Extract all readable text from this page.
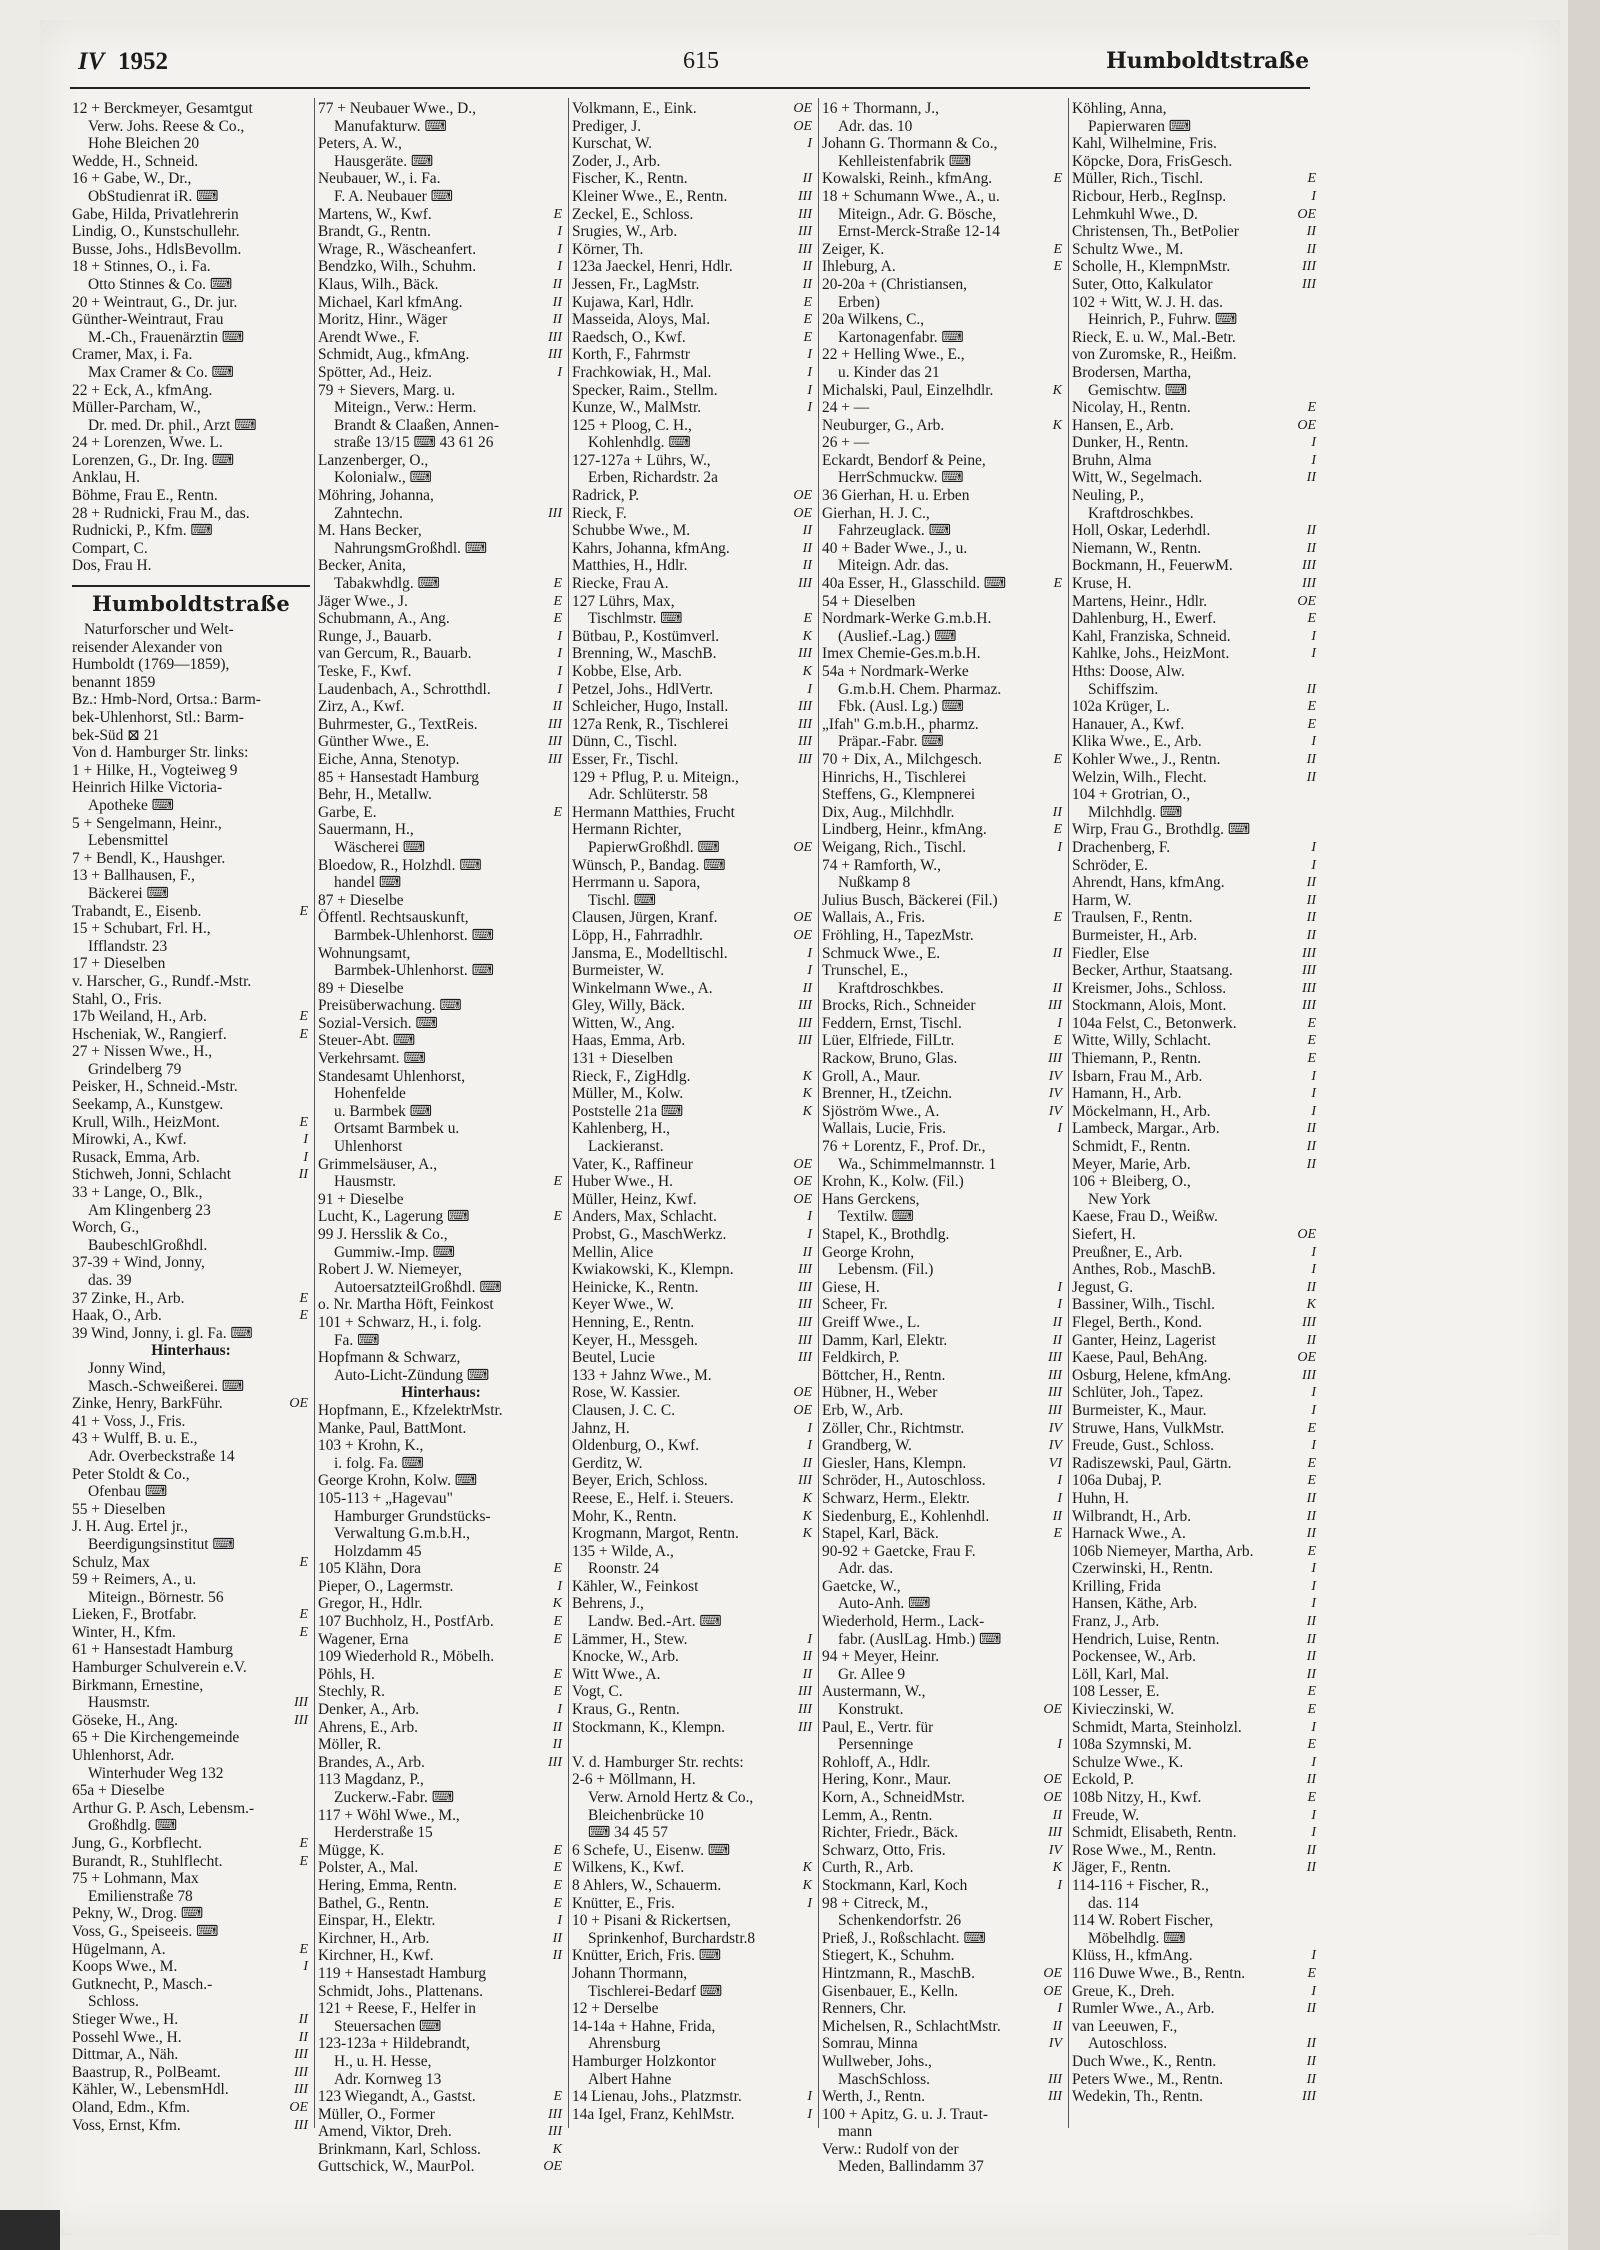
IV 1952	615	Humboldtstraße
12 + Berckmeyer, Gesamtgut
Verw. Johs. Reese & Co.,
Hohe Bleichen 20
Wedde, H., Schneid.
16 + Gabe, W., Dr.,
ObStudienrat iR. ⌨
Gabe, Hilda, Privatlehrerin
Lindig, O., Kunstschullehr.
Busse, Johs., HdlsBevollm.
18 + Stinnes, O., i. Fa.
Otto Stinnes & Co. ⌨
20 + Weintraut, G., Dr. jur.
Günther-Weintraut, Frau
M.-Ch., Frauenärztin ⌨
Cramer, Max, i. Fa.
Max Cramer & Co. ⌨
22 + Eck, A., kfmAng.
Müller-Parcham, W.,
Dr. med. Dr. phil., Arzt ⌨
24 + Lorenzen, Wwe. L.
Lorenzen, G., Dr. Ing. ⌨
Anklau, H.
Böhme, Frau E., Rentn.
28 + Rudnicki, Frau M., das.
Rudnicki, P., Kfm. ⌨
Compart, C.
Dos, Frau H.
Humboldtstraße
Naturforscher und Welt-
reisender Alexander von
Humboldt (1769—1859),
benannt 1859
Bz.: Hmb-Nord, Ortsa.: Barm-
bek-Uhlenhorst, Stl.: Barm-
bek-Süd ⊠ 21
Von d. Hamburger Str. links:
1 + Hilke, H., Vogteiweg 9
Heinrich Hilke Victoria-
Apotheke ⌨
5 + Sengelmann, Heinr.,
Lebensmittel
7 + Bendl, K., Haushger.
13 + Ballhausen, F.,
Bäckerei ⌨
Trabandt, E., Eisenb.	E
15 + Schubart, Frl. H.,
Ifflandstr. 23
17 + Dieselben
v. Harscher, G., Rundf.-Mstr.
Stahl, O., Fris.
17b Weiland, H., Arb.	E
Hscheniak, W., Rangierf.	E
27 + Nissen Wwe., H.,
Grindelberg 79
Peisker, H., Schneid.-Mstr.
Seekamp, A., Kunstgew.
Krull, Wilh., HeizMont.	E
Mirowki, A., Kwf.	I
Rusack, Emma, Arb.	I
Stichweh, Jonni, Schlacht	II
33 + Lange, O., Blk.,
Am Klingenberg 23
Worch, G.,
BaubeschlGroßhdl.
37-39 + Wind, Jonny,
das. 39
37 Zinke, H., Arb.	E
Haak, O., Arb.	E
39 Wind, Jonny, i. gl. Fa. ⌨
Hinterhaus:
Jonny Wind,
Masch.-Schweißerei. ⌨
Zinke, Henry, BarkFühr.	OE
41 + Voss, J., Fris.
43 + Wulff, B. u. E.,
Adr. Overbeckstraße 14
Peter Stoldt & Co.,
Ofenbau ⌨
55 + Dieselben
J. H. Aug. Ertel jr.,
Beerdigungsinstitut ⌨
Schulz, Max	E
59 + Reimers, A., u.
Miteign., Börnestr. 56
Lieken, F., Brotfabr.	E
Winter, H., Kfm.	E
61 + Hansestadt Hamburg
Hamburger Schulverein e.V.
Birkmann, Ernestine,
Hausmstr.	III
Göseke, H., Ang.	III
65 + Die Kirchengemeinde
Uhlenhorst, Adr.
Winterhuder Weg 132
65a + Dieselbe
Arthur G. P. Asch, Lebensm.-
Großhdlg. ⌨
Jung, G., Korbflecht.	E
Burandt, R., Stuhlflecht.	E
75 + Lohmann, Max
Emilienstraße 78
Pekny, W., Drog. ⌨
Voss, G., Speiseeis. ⌨
Hügelmann, A.	E
Koops Wwe., M.	I
Gutknecht, P., Masch.-
Schloss.
Stieger Wwe., H.	II
Possehl Wwe., H.	II
Dittmar, A., Näh.	III
Baastrup, R., PolBeamt.	III
Kähler, W., LebensmHdl.	III
Oland, Edm., Kfm.	OE
Voss, Ernst, Kfm.	III
77 + Neubauer Wwe., D.,
Manufakturw. ⌨
Peters, A. W.,
Hausgeräte. ⌨
Neubauer, W., i. Fa.
F. A. Neubauer ⌨
Martens, W., Kwf.	E
Brandt, G., Rentn.	I
Wrage, R., Wäscheanfert.	I
Bendzko, Wilh., Schuhm.	I
Klaus, Wilh., Bäck.	II
Michael, Karl kfmAng.	II
Moritz, Hinr., Wäger	II
Arendt Wwe., F.	III
Schmidt, Aug., kfmAng.	III
Spötter, Ad., Heiz.	I
79 + Sievers, Marg. u.
Miteign., Verw.: Herm.
Brandt & Claaßen, Annen-
straße 13/15 ⌨ 43 61 26
Lanzenberger, O.,
Kolonialw., ⌨
Möhring, Johanna,
Zahntechn.	III
M. Hans Becker,
NahrungsmGroßhdl. ⌨
Becker, Anita,
Tabakwhdlg. ⌨	E
Jäger Wwe., J.	E
Schubmann, A., Ang.	E
Runge, J., Bauarb.	I
van Gercum, R., Bauarb.	I
Teske, F., Kwf.	I
Laudenbach, A., Schrotthdl.	I
Zirz, A., Kwf.	II
Buhrmester, G., TextReis.	III
Günther Wwe., E.	III
Eiche, Anna, Stenotyp.	III
85 + Hansestadt Hamburg
Behr, H., Metallw.
Garbe, E.	E
Sauermann, H.,
Wäscherei ⌨
Bloedow, R., Holzhdl. ⌨
handel ⌨
87 + Dieselbe
Öffentl. Rechtsauskunft,
Barmbek-Uhlenhorst. ⌨
Wohnungsamt,
Barmbek-Uhlenhorst. ⌨
89 + Dieselbe
Preisüberwachung. ⌨
Sozial-Versich. ⌨
Steuer-Abt. ⌨
Verkehrsamt. ⌨
Standesamt Uhlenhorst,
Hohenfelde
u. Barmbek ⌨
Ortsamt Barmbek u.
Uhlenhorst
Grimmelsäuser, A.,
Hausmstr.	E
91 + Dieselbe
Lucht, K., Lagerung ⌨	E
99 J. Hersslik & Co.,
Gummiw.-Imp. ⌨
Robert J. W. Niemeyer,
AutoersatzteilGroßhdl. ⌨
o. Nr. Martha Höft, Feinkost
101 + Schwarz, H., i. folg.
Fa. ⌨
Hopfmann & Schwarz,
Auto-Licht-Zündung ⌨
Hinterhaus:
Hopfmann, E., KfzelektrMstr.
Manke, Paul, BattMont.
103 + Krohn, K.,
i. folg. Fa. ⌨
George Krohn, Kolw. ⌨
105-113 + „Hagevau"
Hamburger Grundstücks-
Verwaltung G.m.b.H.,
Holzdamm 45
105 Klähn, Dora	E
Pieper, O., Lagermstr.	I
Gregor, H., Hdlr.	K
107 Buchholz, H., PostfArb.	E
Wagener, Erna	E
109 Wiederhold R., Möbelh.
Pöhls, H.	E
Stechly, R.	E
Denker, A., Arb.	I
Ahrens, E., Arb.	II
Möller, R.	II
Brandes, A., Arb.	III
113 Magdanz, P.,
Zuckerw.-Fabr. ⌨
117 + Wöhl Wwe., M.,
Herderstraße 15
Mügge, K.	E
Polster, A., Mal.	E
Hering, Emma, Rentn.	E
Bathel, G., Rentn.	E
Einspar, H., Elektr.	I
Kirchner, H., Arb.	II
Kirchner, H., Kwf.	II
119 + Hansestadt Hamburg
Schmidt, Johs., Plattenans.
121 + Reese, F., Helfer in
Steuersachen ⌨
123-123a + Hildebrandt,
H., u. H. Hesse,
Adr. Kornweg 13
123 Wiegandt, A., Gastst.	E
Müller, O., Former	III
Amend, Viktor, Dreh.	III
Brinkmann, Karl, Schloss.	K
Guttschick, W., MaurPol.	OE
Volkmann, E., Eink.	OE
Prediger, J.	OE
Kurschat, W.	I
Zoder, J., Arb.
Fischer, K., Rentn.	II
Kleiner Wwe., E., Rentn.	III
Zeckel, E., Schloss.	III
Srugies, W., Arb.	III
Körner, Th.	III
123a Jaeckel, Henri, Hdlr.	II
Jessen, Fr., LagMstr.	II
Kujawa, Karl, Hdlr.	E
Masseida, Aloys, Mal.	E
Raedsch, O., Kwf.	E
Korth, F., Fahrmstr	I
Frachkowiak, H., Mal.	I
Specker, Raim., Stellm.	I
Kunze, W., MalMstr.	I
125 + Ploog, C. H.,
Kohlenhdlg. ⌨
127-127a + Lührs, W.,
Erben, Richardstr. 2a
Radrick, P.	OE
Rieck, F.	OE
Schubbe Wwe., M.	II
Kahrs, Johanna, kfmAng.	II
Matthies, H., Hdlr.	II
Riecke, Frau A.	III
127 Lührs, Max,
Tischlmstr. ⌨	E
Bütbau, P., Kostümverl.	K
Brenning, W., MaschB.	III
Kobbe, Else, Arb.	K
Petzel, Johs., HdlVertr.	I
Schleicher, Hugo, Install.	III
127a Renk, R., Tischlerei	III
Dünn, C., Tischl.	III
Esser, Fr., Tischl.	III
129 + Pflug, P. u. Miteign.,
Adr. Schlüterstr. 58
Hermann Matthies, Frucht
Hermann Richter,
PapierwGroßhdl. ⌨	OE
Wünsch, P., Bandag. ⌨
Herrmann u. Sapora,
Tischl. ⌨
Clausen, Jürgen, Kranf.	OE
Löpp, H., Fahrradhlr.	OE
Jansma, E., Modelltischl.	I
Burmeister, W.	I
Winkelmann Wwe., A.	II
Gley, Willy, Bäck.	III
Witten, W., Ang.	III
Haas, Emma, Arb.	III
131 + Dieselben
Rieck, F., ZigHdlg.	K
Müller, M., Kolw.	K
Poststelle 21a ⌨	K
Kahlenberg, H.,
Lackieranst.
Vater, K., Raffineur	OE
Huber Wwe., H.	OE
Müller, Heinz, Kwf.	OE
Anders, Max, Schlacht.	I
Probst, G., MaschWerkz.	I
Mellin, Alice	II
Kwiakowski, K., Klempn.	III
Heinicke, K., Rentn.	III
Keyer Wwe., W.	III
Henning, E., Rentn.	III
Keyer, H., Messgeh.	III
Beutel, Lucie	III
133 + Jahnz Wwe., M.
Rose, W. Kassier.	OE
Clausen, J. C. C.	OE
Jahnz, H.	I
Oldenburg, O., Kwf.	I
Gerditz, W.	II
Beyer, Erich, Schloss.	III
Reese, E., Helf. i. Steuers.	K
Mohr, K., Rentn.	K
Krogmann, Margot, Rentn.	K
135 + Wilde, A.,
Roonstr. 24
Kähler, W., Feinkost
Behrens, J.,
Landw. Bed.-Art. ⌨
Lämmer, H., Stew.	I
Knocke, W., Arb.	II
Witt Wwe., A.	II
Vogt, C.	III
Kraus, G., Rentn.	III
Stockmann, K., Klempn.	III
V. d. Hamburger Str. rechts:
2-6 + Möllmann, H.
Verw. Arnold Hertz & Co.,
Bleichenbrücke 10
⌨ 34 45 57
6 Schefe, U., Eisenw. ⌨
Wilkens, K., Kwf.	K
8 Ahlers, W., Schauerm.	K
Knütter, E., Fris.	I
10 + Pisani & Rickertsen,
Sprinkenhof, Burchardstr.8
Knütter, Erich, Fris. ⌨
Johann Thormann,
Tischlerei-Bedarf ⌨
12 + Derselbe
14-14a + Hahne, Frida,
Ahrensburg
Hamburger Holzkontor
Albert Hahne
14 Lienau, Johs., Platzmstr.	I
14a Igel, Franz, KehlMstr.	I
16 + Thormann, J.,
Adr. das. 10
Johann G. Thormann & Co.,
Kehlleistenfabrik ⌨
Kowalski, Reinh., kfmAng.	E
18 + Schumann Wwe., A., u.
Miteign., Adr. G. Bösche,
Ernst-Merck-Straße 12-14
Zeiger, K.	E
Ihleburg, A.	E
20-20a + (Christiansen,
Erben)
20a Wilkens, C.,
Kartonagenfabr. ⌨
22 + Helling Wwe., E.,
u. Kinder das 21
Michalski, Paul, Einzelhdlr.	K
24 + —
Neuburger, G., Arb.	K
26 + —
Eckardt, Bendorf & Peine,
HerrSchmuckw. ⌨
36 Gierhan, H. u. Erben
Gierhan, H. J. C.,
Fahrzeuglack. ⌨
40 + Bader Wwe., J., u.
Miteign. Adr. das.
40a Esser, H., Glasschild. ⌨	E
54 + Dieselben
Nordmark-Werke G.m.b.H.
(Auslief.-Lag.) ⌨
Imex Chemie-Ges.m.b.H.
54a + Nordmark-Werke
G.m.b.H. Chem. Pharmaz.
Fbk. (Ausl. Lg.) ⌨
„Ifah" G.m.b.H., pharmz.
Präpar.-Fabr. ⌨
70 + Dix, A., Milchgesch.	E
Hinrichs, H., Tischlerei
Steffens, G., Klempnerei
Dix, Aug., Milchhdlr.	II
Lindberg, Heinr., kfmAng.	E
Weigang, Rich., Tischl.	I
74 + Ramforth, W.,
Nußkamp 8
Julius Busch, Bäckerei (Fil.)
Wallais, A., Fris.	E
Fröhling, H., TapezMstr.
Schmuck Wwe., E.	II
Trunschel, E.,
Kraftdroschkbes.	II
Brocks, Rich., Schneider	III
Feddern, Ernst, Tischl.	I
Lüer, Elfriede, FilLtr.	E
Rackow, Bruno, Glas.	III
Groll, A., Maur.	IV
Brenner, H., tZeichn.	IV
Sjöström Wwe., A.	IV
Wallais, Lucie, Fris.	I
76 + Lorentz, F., Prof. Dr.,
Wa., Schimmelmannstr. 1
Krohn, K., Kolw. (Fil.)
Hans Gerckens,
Textilw. ⌨
Stapel, K., Brothdlg.
George Krohn,
Lebensm. (Fil.)
Giese, H.	I
Scheer, Fr.	I
Greiff Wwe., L.	II
Damm, Karl, Elektr.	II
Feldkirch, P.	III
Böttcher, H., Rentn.	III
Hübner, H., Weber	III
Erb, W., Arb.	III
Zöller, Chr., Richtmstr.	IV
Grandberg, W.	IV
Giesler, Hans, Klempn.	VI
Schröder, H., Autoschloss.	I
Schwarz, Herm., Elektr.	I
Siedenburg, E., Kohlenhdl.	II
Stapel, Karl, Bäck.	E
90-92 + Gaetcke, Frau F.
Adr. das.
Gaetcke, W.,
Auto-Anh. ⌨
Wiederhold, Herm., Lack-
fabr. (AuslLag. Hmb.) ⌨
94 + Meyer, Heinr.
Gr. Allee 9
Austermann, W.,
Konstrukt.	OE
Paul, E., Vertr. für
Persenninge	I
Rohloff, A., Hdlr.
Hering, Konr., Maur.	OE
Korn, A., SchneidMstr.	OE
Lemm, A., Rentn.	II
Richter, Friedr., Bäck.	III
Schwarz, Otto, Fris.	IV
Curth, R., Arb.	K
Stockmann, Karl, Koch	I
98 + Citreck, M.,
Schenkendorfstr. 26
Prieß, J., Roßschlacht. ⌨
Stiegert, K., Schuhm.
Hintzmann, R., MaschB.	OE
Gisenbauer, E., Kelln.	OE
Renners, Chr.	I
Michelsen, R., SchlachtMstr.	II
Somrau, Minna	IV
Wullweber, Johs.,
MaschSchloss.	III
Werth, J., Rentn.	III
100 + Apitz, G. u. J. Traut-
mann
Verw.: Rudolf von der
Meden, Ballindamm 37
Köhling, Anna,
Papierwaren ⌨
Kahl, Wilhelmine, Fris.
Köpcke, Dora, FrisGesch.
Müller, Rich., Tischl.	E
Ricbour, Herb., RegInsp.	I
Lehmkuhl Wwe., D.	OE
Christensen, Th., BetPolier	II
Schultz Wwe., M.	II
Scholle, H., KlempnMstr.	III
Suter, Otto, Kalkulator	III
102 + Witt, W. J. H. das.
Heinrich, P., Fuhrw. ⌨
Rieck, E. u. W., Mal.-Betr.
von Zuromske, R., Heißm.
Brodersen, Martha,
Gemischtw. ⌨
Nicolay, H., Rentn.	E
Hansen, E., Arb.	OE
Dunker, H., Rentn.	I
Bruhn, Alma	I
Witt, W., Segelmach.	II
Neuling, P.,
Kraftdroschkbes.
Holl, Oskar, Lederhdl.	II
Niemann, W., Rentn.	II
Bockmann, H., FeuerwM.	III
Kruse, H.	III
Martens, Heinr., Hdlr.	OE
Dahlenburg, H., Ewerf.	E
Kahl, Franziska, Schneid.	I
Kahlke, Johs., HeizMont.	I
Hths: Doose, Alw.
Schiffszim.	II
102a Krüger, L.	E
Hanauer, A., Kwf.	E
Klika Wwe., E., Arb.	I
Kohler Wwe., J., Rentn.	II
Welzin, Wilh., Flecht.	II
104 + Grotrian, O.,
Milchhdlg. ⌨
Wirp, Frau G., Brothdlg. ⌨
Drachenberg, F.	I
Schröder, E.	I
Ahrendt, Hans, kfmAng.	II
Harm, W.	II
Traulsen, F., Rentn.	II
Burmeister, H., Arb.	II
Fiedler, Else	III
Becker, Arthur, Staatsang.	III
Kreismer, Johs., Schloss.	III
Stockmann, Alois, Mont.	III
104a Felst, C., Betonwerk.	E
Witte, Willy, Schlacht.	E
Thiemann, P., Rentn.	E
Isbarn, Frau M., Arb.	I
Hamann, H., Arb.	I
Möckelmann, H., Arb.	I
Lambeck, Margar., Arb.	II
Schmidt, F., Rentn.	II
Meyer, Marie, Arb.	II
106 + Bleiberg, O.,
New York
Kaese, Frau D., Weißw.
Siefert, H.	OE
Preußner, E., Arb.	I
Anthes, Rob., MaschB.	I
Jegust, G.	II
Bassiner, Wilh., Tischl.	K
Flegel, Berth., Kond.	III
Ganter, Heinz, Lagerist	II
Kaese, Paul, BehAng.	OE
Osburg, Helene, kfmAng.	III
Schlüter, Joh., Tapez.	I
Burmeister, K., Maur.	I
Struwe, Hans, VulkMstr.	E
Freude, Gust., Schloss.	I
Radiszewski, Paul, Gärtn.	E
106a Dubaj, P.	E
Huhn, H.	II
Wilbrandt, H., Arb.	II
Harnack Wwe., A.	II
106b Niemeyer, Martha, Arb.	E
Czerwinski, H., Rentn.	I
Krilling, Frida	I
Hansen, Käthe, Arb.	I
Franz, J., Arb.	II
Hendrich, Luise, Rentn.	II
Pockensee, W., Arb.	II
Löll, Karl, Mal.	II
108 Lesser, E.	E
Kivieczinski, W.	E
Schmidt, Marta, Steinholzl.	I
108a Szymnski, M.	E
Schulze Wwe., K.	I
Eckold, P.	II
108b Nitzy, H., Kwf.	E
Freude, W.	I
Schmidt, Elisabeth, Rentn.	I
Rose Wwe., M., Rentn.	II
Jäger, F., Rentn.	II
114-116 + Fischer, R.,
das. 114
114 W. Robert Fischer,
Möbelhdlg. ⌨
Klüss, H., kfmAng.	I
116 Duwe Wwe., B., Rentn.	E
Greue, K., Dreh.	I
Rumler Wwe., A., Arb.	II
van Leeuwen, F.,
Autoschloss.	II
Duch Wwe., K., Rentn.	II
Peters Wwe., M., Rentn.	II
Wedekin, Th., Rentn.	III
